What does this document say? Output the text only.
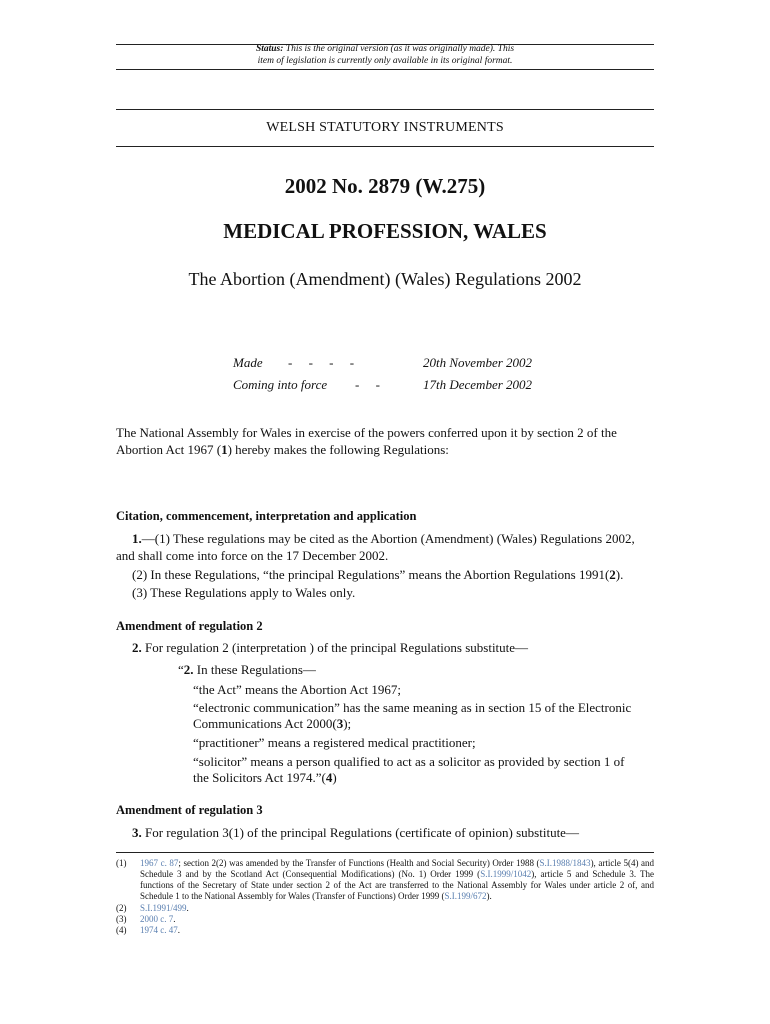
Status: This is the original version (as it was originally made). This
item of legislation is currently only available in its original format.
WELSH STATUTORY INSTRUMENTS
2002 No. 2879 (W.275)
MEDICAL PROFESSION, WALES
The Abortion (Amendment) (Wales) Regulations 2002
Made -     -     -     -	20th November 2002
Coming into force -     -	17th December 2002
The National Assembly for Wales in exercise of the powers conferred upon it by section 2 of the
Abortion Act 1967 (1) hereby makes the following Regulations:
Citation, commencement, interpretation and application
1.—(1) These regulations may be cited as the Abortion (Amendment) (Wales) Regulations 2002,
and shall come into force on the 17 December 2002.
(2) In these Regulations, “the principal Regulations” means the Abortion Regulations 1991(2).
(3) These Regulations apply to Wales only.
Amendment of regulation 2
2. For regulation 2 (interpretation ) of the principal Regulations substitute—
“2. In these Regulations—
“the Act” means the Abortion Act 1967;
“electronic communication” has the same meaning as in section 15 of the Electronic
Communications Act 2000(3);
“practitioner” means a registered medical practitioner;
“solicitor” means a person qualified to act as a solicitor as provided by section 1 of
the Solicitors Act 1974.”(4)
Amendment of regulation 3
3. For regulation 3(1) of the principal Regulations (certificate of opinion) substitute—
(1) 1967 c. 87; section 2(2) was amended by the Transfer of Functions (Health and Social Security) Order 1988 (S.I.1988/1843), article 5(4) and Schedule 3 and by the Scotland Act (Consequential Modifications) (No. 1) Order 1999 (S.I.1999/1042), article 5 and Schedule 3. The functions of the Secretary of State under section 2 of the Act are transferred to the National Assembly for Wales under article 2 of, and Schedule 1 to the National Assembly for Wales (Transfer of Functions) Order 1999 (S.I.199/672).
(2) S.I.1991/499.
(3) 2000 c. 7.
(4) 1974 c. 47.
